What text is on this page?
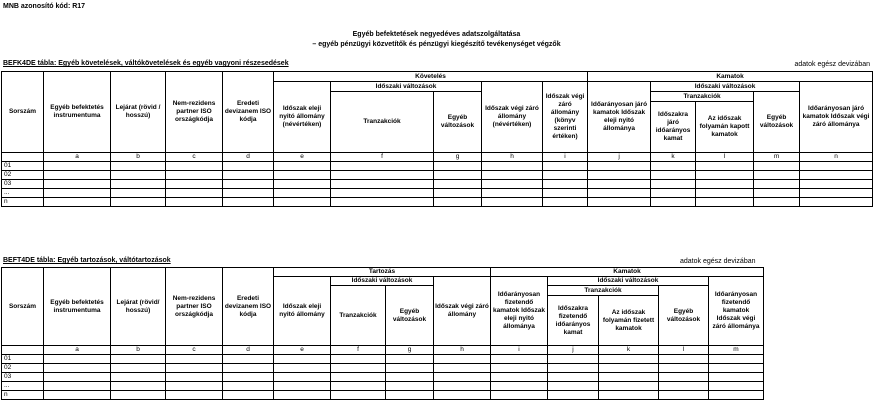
MNB azonosító kód: R17
Egyéb befektetések negyedéves adatszolgáltatása
– egyéb pénzügyi közvetítők és pénzügyi kiegészítő tevékenységet végzők
BEFK4DE tábla: Egyéb követelések, váltókövetelések és egyéb vagyoni részesedések	adatok egész devizában
Sorszám	Egyéb befektetés instrumentuma	Lejárat (rövid / hosszú)	Nem-rezidens partner ISO országkódja	Eredeti devizanem ISO kódja	Követelés					Kamatok				
					Időszak eleji nyitó állomány (névértéken)	Időszaki változások		Időszak végi záró állomány (névértéken)	Időszak végi záró állomány (könyv szerinti értéken)	Időarányosan járó kamatok Időszak eleji nyitó állománya	Időszaki változások			Időarányosan járó kamatok Időszak végi záró állománya
						Tranzakciók	Egyéb változások				Tranzakciók		Egyéb változások	
											Időszakra járó időarányos kamat	Az időszak folyamán kapott kamatok		
	a	b	c	d	e	f	g	h	i	j	k	l	m	n
01														
02														
03														
...														
n														
BEFT4DE tábla: Egyéb tartozások, váltótartozások	adatok egész devizában
Sorszám	Egyéb befektetés instrumentuma	Lejárat (rövid/ hosszú)	Nem-rezidens partner ISO országkódja	Eredeti devizanem ISO kódja	Tartozás				Kamatok				
					Időszak eleji nyitó állomány	Időszaki változások		Időszak végi záró állomány	Időarányosan fizetendő kamatok Időszak eleji nyitó állománya	Időszaki változások			Időarányosan fizetendő kamatok Időszak végi záró állománya
						Tranzakciók	Egyéb változások			Tranzakciók		Egyéb változások	
										Időszakra fizetendő időarányos kamat	Az időszak folyamán fizetett kamatok		
	a	b	c	d	e	f	g	h	i	j	k	l	m
01													
02													
03													
...													
n													
